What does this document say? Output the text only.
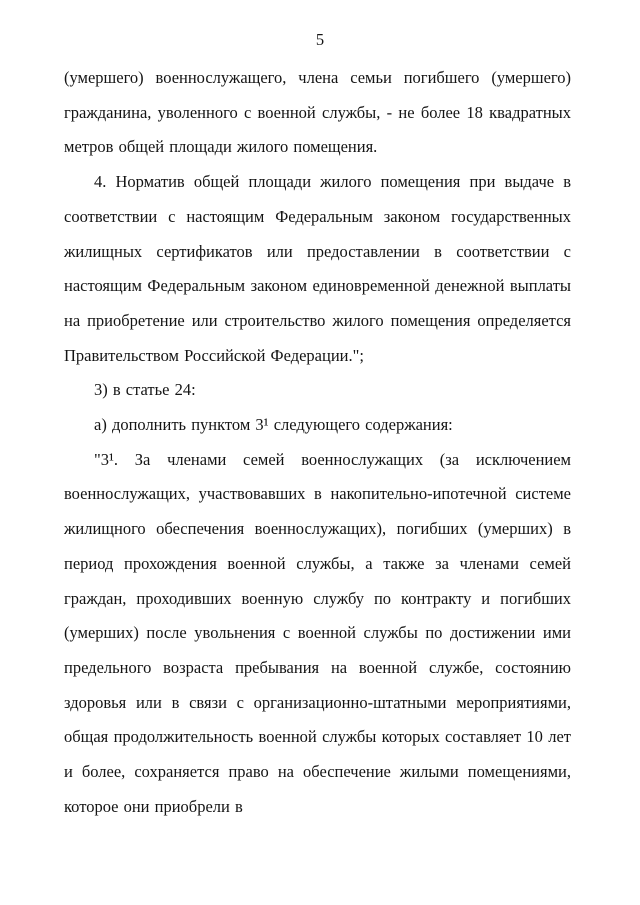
5

(умершего) военнослужащего, члена семьи погибшего (умершего) гражданина, уволенного с военной службы, - не более 18 квадратных метров общей площади жилого помещения.

4. Норматив общей площади жилого помещения при выдаче в соответствии с настоящим Федеральным законом государственных жилищных сертификатов или предоставлении в соответствии с настоящим Федеральным законом единовременной денежной выплаты на приобретение или строительство жилого помещения определяется Правительством Российской Федерации.";

3) в статье 24:

а) дополнить пунктом 3¹ следующего содержания:

"3¹. За членами семей военнослужащих (за исключением военнослужащих, участвовавших в накопительно-ипотечной системе жилищного обеспечения военнослужащих), погибших (умерших) в период прохождения военной службы, а также за членами семей граждан, проходивших военную службу по контракту и погибших (умерших) после увольнения с военной службы по достижении ими предельного возраста пребывания на военной службе, состоянию здоровья или в связи с организационно-штатными мероприятиями, общая продолжительность военной службы которых составляет 10 лет и более, сохраняется право на обеспечение жилыми помещениями, которое они приобрели в
